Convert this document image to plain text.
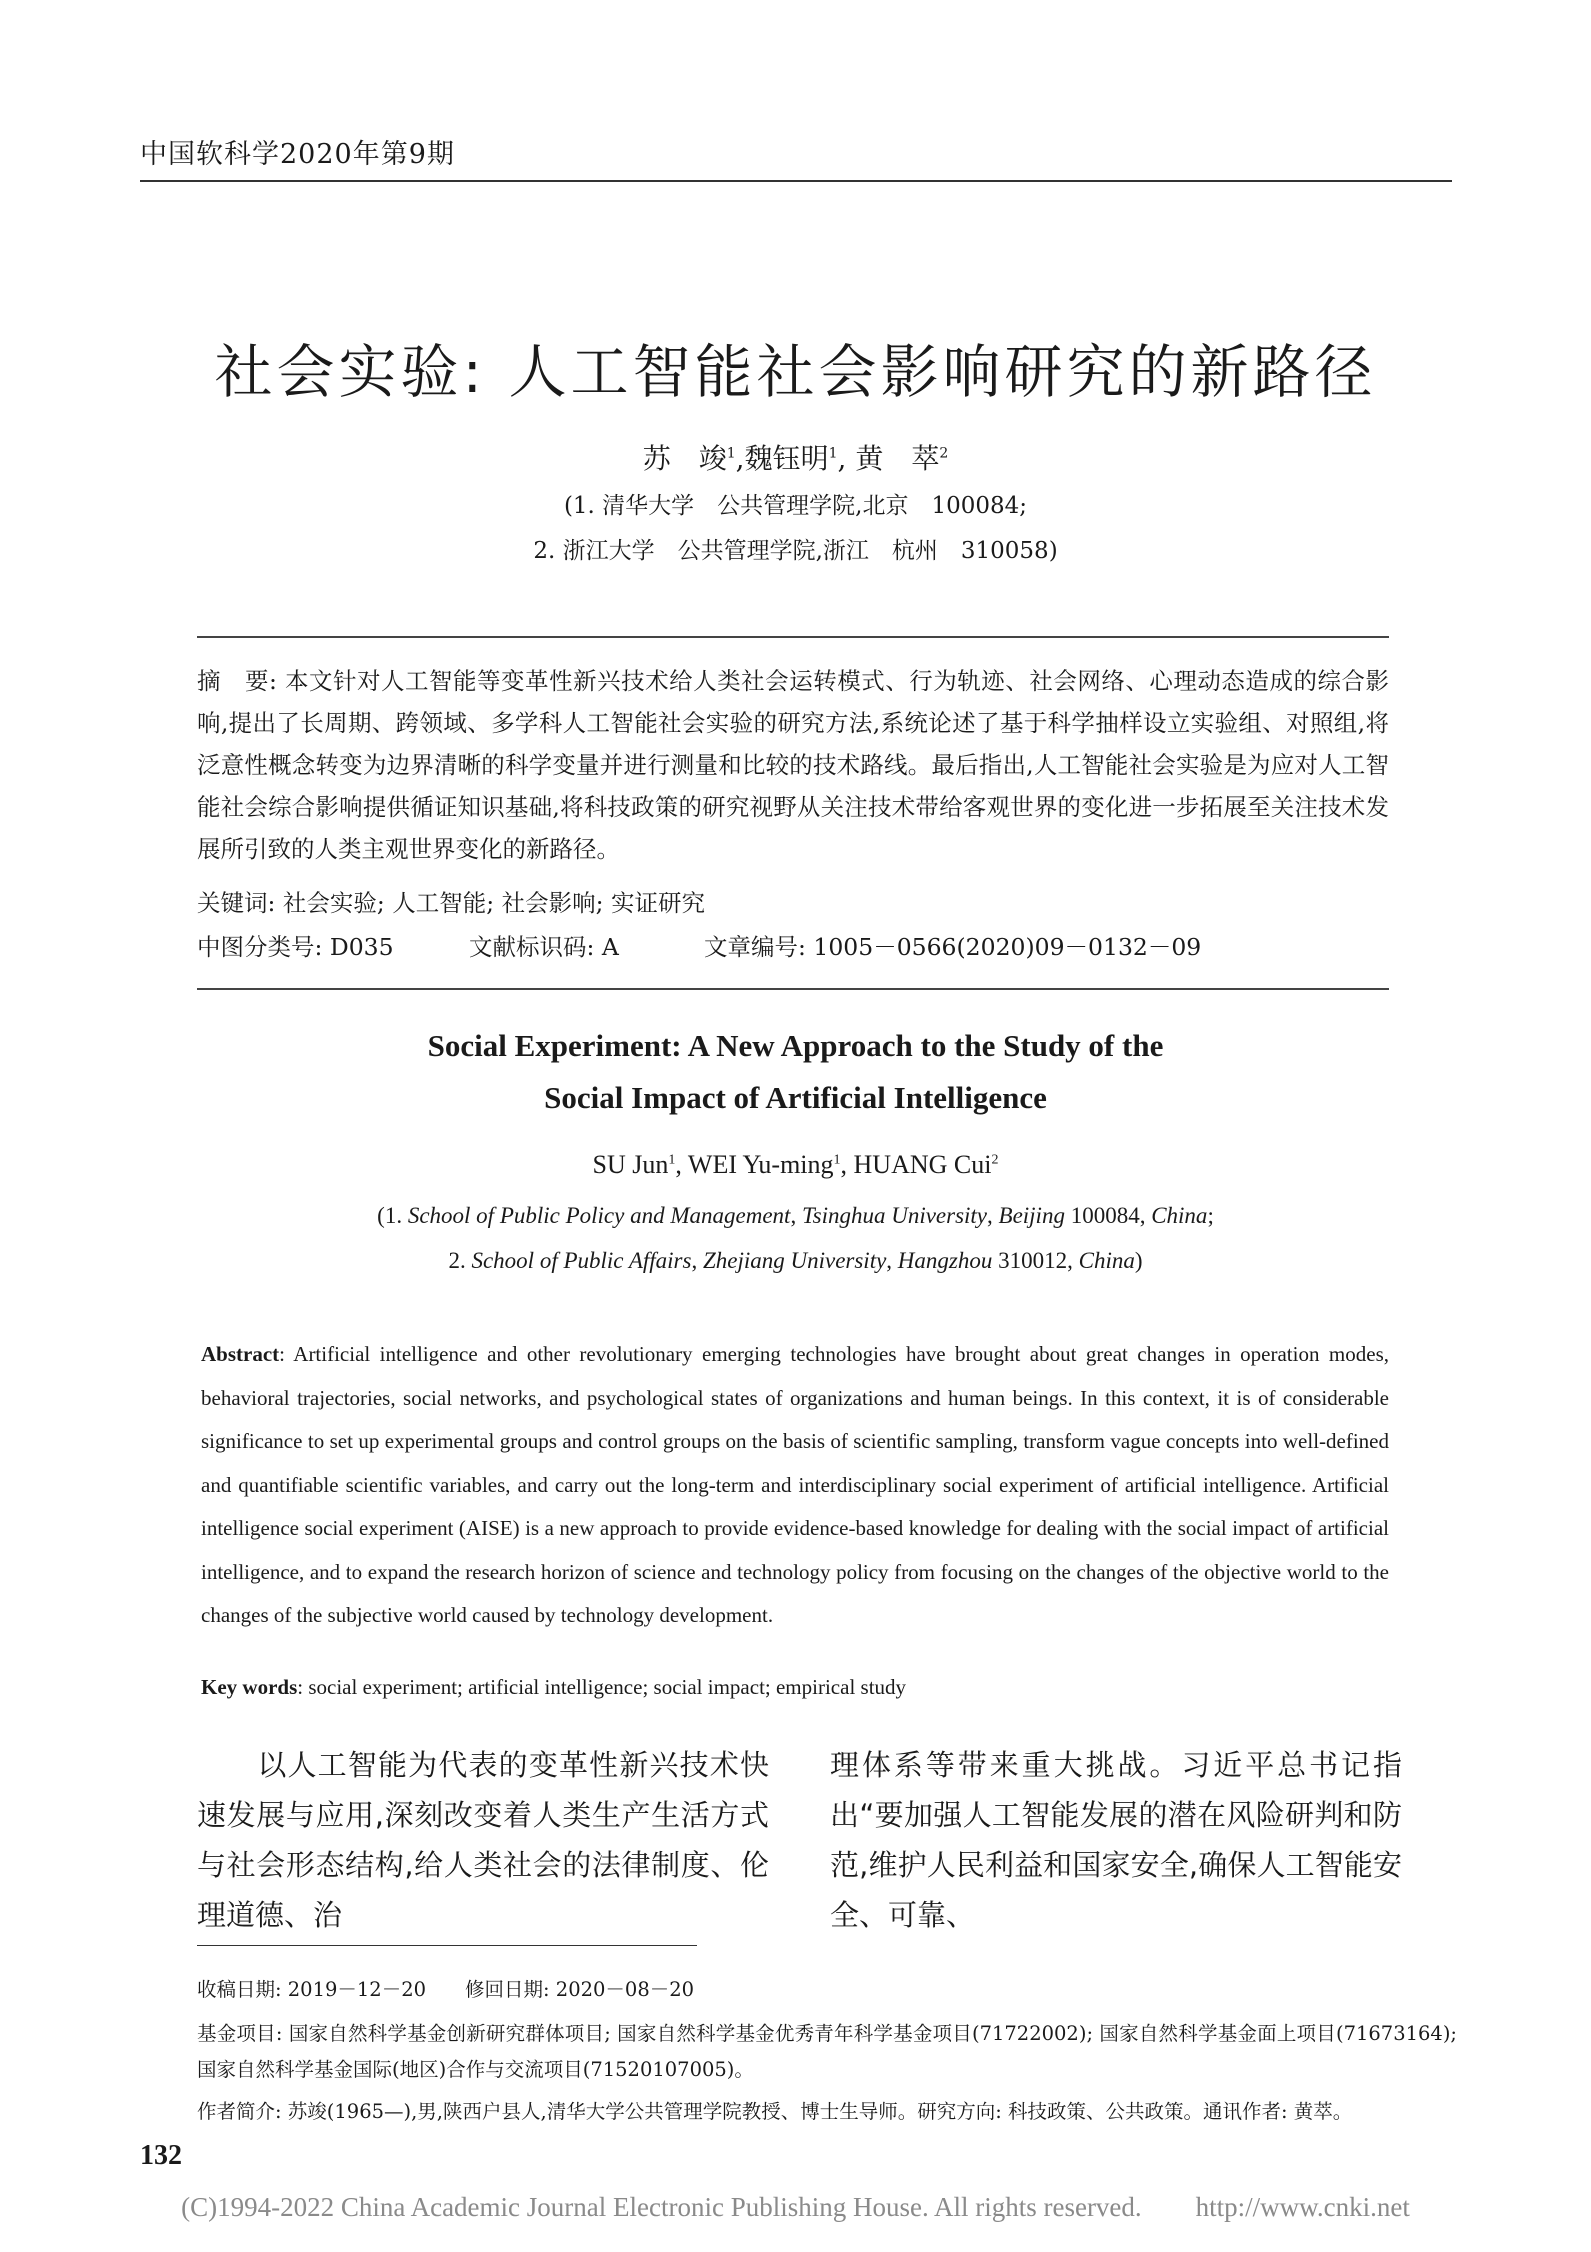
中国软科学2020年第9期
社会实验: 人工智能社会影响研究的新路径
苏　竣$^1$,魏钰明$^1$, 黄　萃$^2$
(1. 清华大学　公共管理学院,北京　100084;
2. 浙江大学　公共管理学院,浙江　杭州　310058)
摘　要: 本文针对人工智能等变革性新兴技术给人类社会运转模式、行为轨迹、社会网络、心理动态造成的综合影响,提出了长周期、跨领域、多学科人工智能社会实验的研究方法,系统论述了基于科学抽样设立实验组、对照组,将泛意性概念转变为边界清晰的科学变量并进行测量和比较的技术路线。最后指出,人工智能社会实验是为应对人工智能社会综合影响提供循证知识基础,将科技政策的研究视野从关注技术带给客观世界的变化进一步拓展至关注技术发展所引致的人类主观世界变化的新路径。
关键词: 社会实验; 人工智能; 社会影响; 实证研究
中图分类号: D035	文献标识码: A	文章编号: 1005－0566(2020)09－0132－09
Social Experiment: A New Approach to the Study of the
Social Impact of Artificial Intelligence
SU Jun$^1$, WEI Yu-ming$^1$, HUANG Cui$^2$
(1. School of Public Policy and Management, Tsinghua University, Beijing 100084, China;
2. School of Public Affairs, Zhejiang University, Hangzhou 310012, China)
Abstract: Artificial intelligence and other revolutionary emerging technologies have brought about great changes in operation modes, behavioral trajectories, social networks, and psychological states of organizations and human beings. In this context, it is of considerable significance to set up experimental groups and control groups on the basis of scientific sampling, transform vague concepts into well-defined and quantifiable scientific variables, and carry out the long-term and interdisciplinary social experiment of artificial intelligence. Artificial intelligence social experiment (AISE) is a new approach to provide evidence-based knowledge for dealing with the social impact of artificial intelligence, and to expand the research horizon of science and technology policy from focusing on the changes of the objective world to the changes of the subjective world caused by technology development.
Key words: social experiment; artificial intelligence; social impact; empirical study
　　以人工智能为代表的变革性新兴技术快速发展与应用,深刻改变着人类生产生活方式与社会形态结构,给人类社会的法律制度、伦理道德、治
理体系等带来重大挑战。习近平总书记指出“要加强人工智能发展的潜在风险研判和防范,维护人民利益和国家安全,确保人工智能安全、可靠、
收稿日期: 2019－12－20　　修回日期: 2020－08－20
基金项目: 国家自然科学基金创新研究群体项目; 国家自然科学基金优秀青年科学基金项目(71722002); 国家自然科学基金面上项目(71673164); 国家自然科学基金国际(地区)合作与交流项目(71520107005)。
作者简介: 苏竣(1965—),男,陕西户县人,清华大学公共管理学院教授、博士生导师。研究方向: 科技政策、公共政策。通讯作者: 黄萃。
132
(C)1994-2022 China Academic Journal Electronic Publishing House. All rights reserved.　　http://www.cnki.net
